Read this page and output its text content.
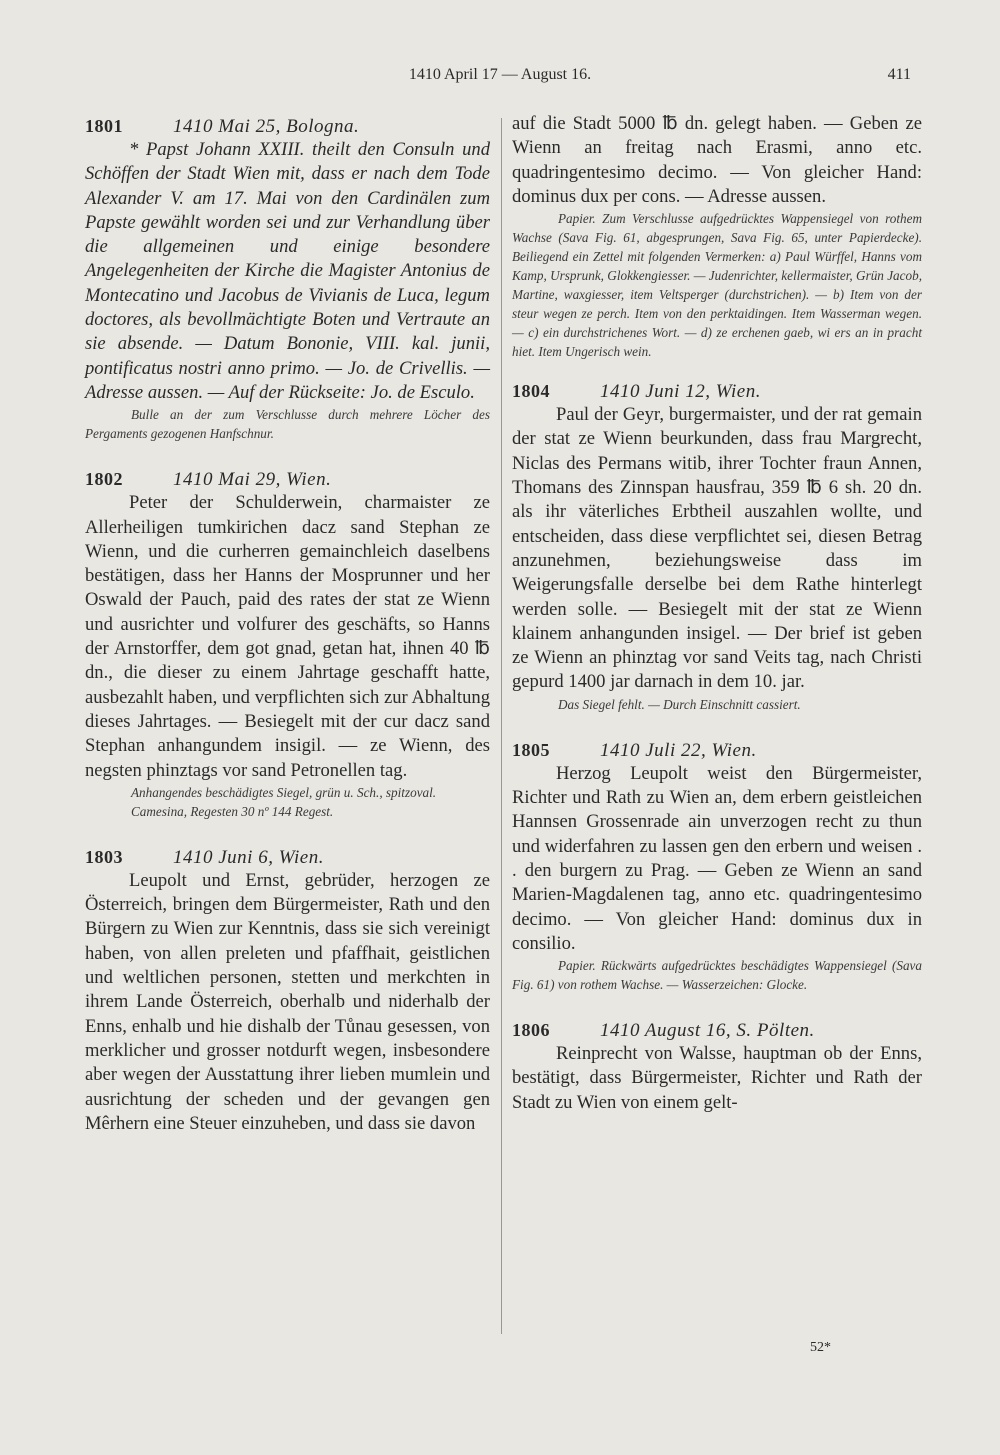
1410 April 17 — August 16.	411
1801	1410 Mai 25, Bologna.

* Papst Johann XXIII. theilt den Consuln und Schöffen der Stadt Wien mit, dass er nach dem Tode Alexander V. am 17. Mai von den Cardinälen zum Papste gewählt worden sei und zur Verhandlung über die allgemeinen und einige besondere Angelegenheiten der Kirche die Magister Antonius de Montecatino und Jacobus de Vivianis de Luca, legum doctores, als bevollmächtigte Boten und Vertraute an sie absende. — Datum Bononie, VIII. kal. junii, pontificatus nostri anno primo. — Jo. de Crivellis. — Adresse aussen. — Auf der Rückseite: Jo. de Esculo.

Bulle an der zum Verschlusse durch mehrere Löcher des Pergaments gezogenen Hanfschnur.

1802	1410 Mai 29, Wien.

Peter der Schulderwein, charmaister ze Allerheiligen tumkirichen dacz sand Stephan ze Wienn, und die curherren gemainchleich daselbens bestätigen, dass her Hanns der Mosprunner und her Oswald der Pauch, paid des rates der stat ze Wienn und ausrichter und volfurer des geschäfts, so Hanns der Arnstorffer, dem got gnad, getan hat, ihnen 40 ℔ dn., die dieser zu einem Jahrtage geschafft hatte, ausbezahlt haben, und verpflichten sich zur Abhaltung dieses Jahrtages. — Besiegelt mit der cur dacz sand Stephan anhangundem insigil. — ze Wienn, des negsten phinztags vor sand Petronellen tag.

Anhangendes beschädigtes Siegel, grün u. Sch., spitzoval.

Camesina, Regesten 30 nº 144 Regest.

1803	1410 Juni 6, Wien.

Leupolt und Ernst, gebrüder, herzogen ze Österreich, bringen dem Bürgermeister, Rath und den Bürgern zu Wien zur Kenntnis, dass sie sich vereinigt haben, von allen preleten und pfaffhait, geistlichen und weltlichen personen, stetten und merkchten in ihrem Lande Österreich, oberhalb und niderhalb der Enns, enhalb und hie dishalb der Tůnau gesessen, von merklicher und grosser notdurft wegen, insbesondere aber wegen der Ausstattung ihrer lieben mumlein und ausrichtung der scheden und der gevangen gen Mêrhern eine Steuer einzuheben, und dass sie davon

auf die Stadt 5000 ℔ dn. gelegt haben. — Geben ze Wienn an freitag nach Erasmi, anno etc. quadringentesimo decimo. — Von gleicher Hand: dominus dux per cons. — Adresse aussen.

Papier. Zum Verschlusse aufgedrücktes Wappensiegel von rothem Wachse (Sava Fig. 61, abgesprungen, Sava Fig. 65, unter Papierdecke). Beiliegend ein Zettel mit folgenden Vermerken: a) Paul Würffel, Hanns vom Kamp, Ursprunk, Glokkengiesser. — Judenrichter, kellermaister, Grün Jacob, Martine, waxgiesser, item Veltsperger (durchstrichen). — b) Item von der steur wegen ze perch. Item von den perktaidingen. Item Wasserman wegen. — c) ein durchstrichenes Wort. — d) ze erchenen gaeb, wi ers an in pracht hiet. Item Ungerisch wein.

1804	1410 Juni 12, Wien.

Paul der Geyr, burgermaister, und der rat gemain der stat ze Wienn beurkunden, dass frau Margrecht, Niclas des Permans witib, ihrer Tochter fraun Annen, Thomans des Zinnspan hausfrau, 359 ℔ 6 sh. 20 dn. als ihr väterliches Erbtheil auszahlen wollte, und entscheiden, dass diese verpflichtet sei, diesen Betrag anzunehmen, beziehungsweise dass im Weigerungsfalle derselbe bei dem Rathe hinterlegt werden solle. — Besiegelt mit der stat ze Wienn klainem anhangunden insigel. — Der brief ist geben ze Wienn an phinztag vor sand Veits tag, nach Christi gepurd 1400 jar darnach in dem 10. jar.

Das Siegel fehlt. — Durch Einschnitt cassiert.

1805	1410 Juli 22, Wien.

Herzog Leupolt weist den Bürgermeister, Richter und Rath zu Wien an, dem erbern geistleichen Hannsen Grossenrade ain unverzogen recht zu thun und widerfahren zu lassen gen den erbern und weisen . . den burgern zu Prag. — Geben ze Wienn an sand Marien-Magdalenen tag, anno etc. quadringentesimo decimo. — Von gleicher Hand: dominus dux in consilio.

Papier. Rückwärts aufgedrücktes beschädigtes Wappensiegel (Sava Fig. 61) von rothem Wachse. — Wasserzeichen: Glocke.

1806	1410 August 16, S. Pölten.

Reinprecht von Walsse, hauptman ob der Enns, bestätigt, dass Bürgermeister, Richter und Rath der Stadt zu Wien von einem gelt-

52*
